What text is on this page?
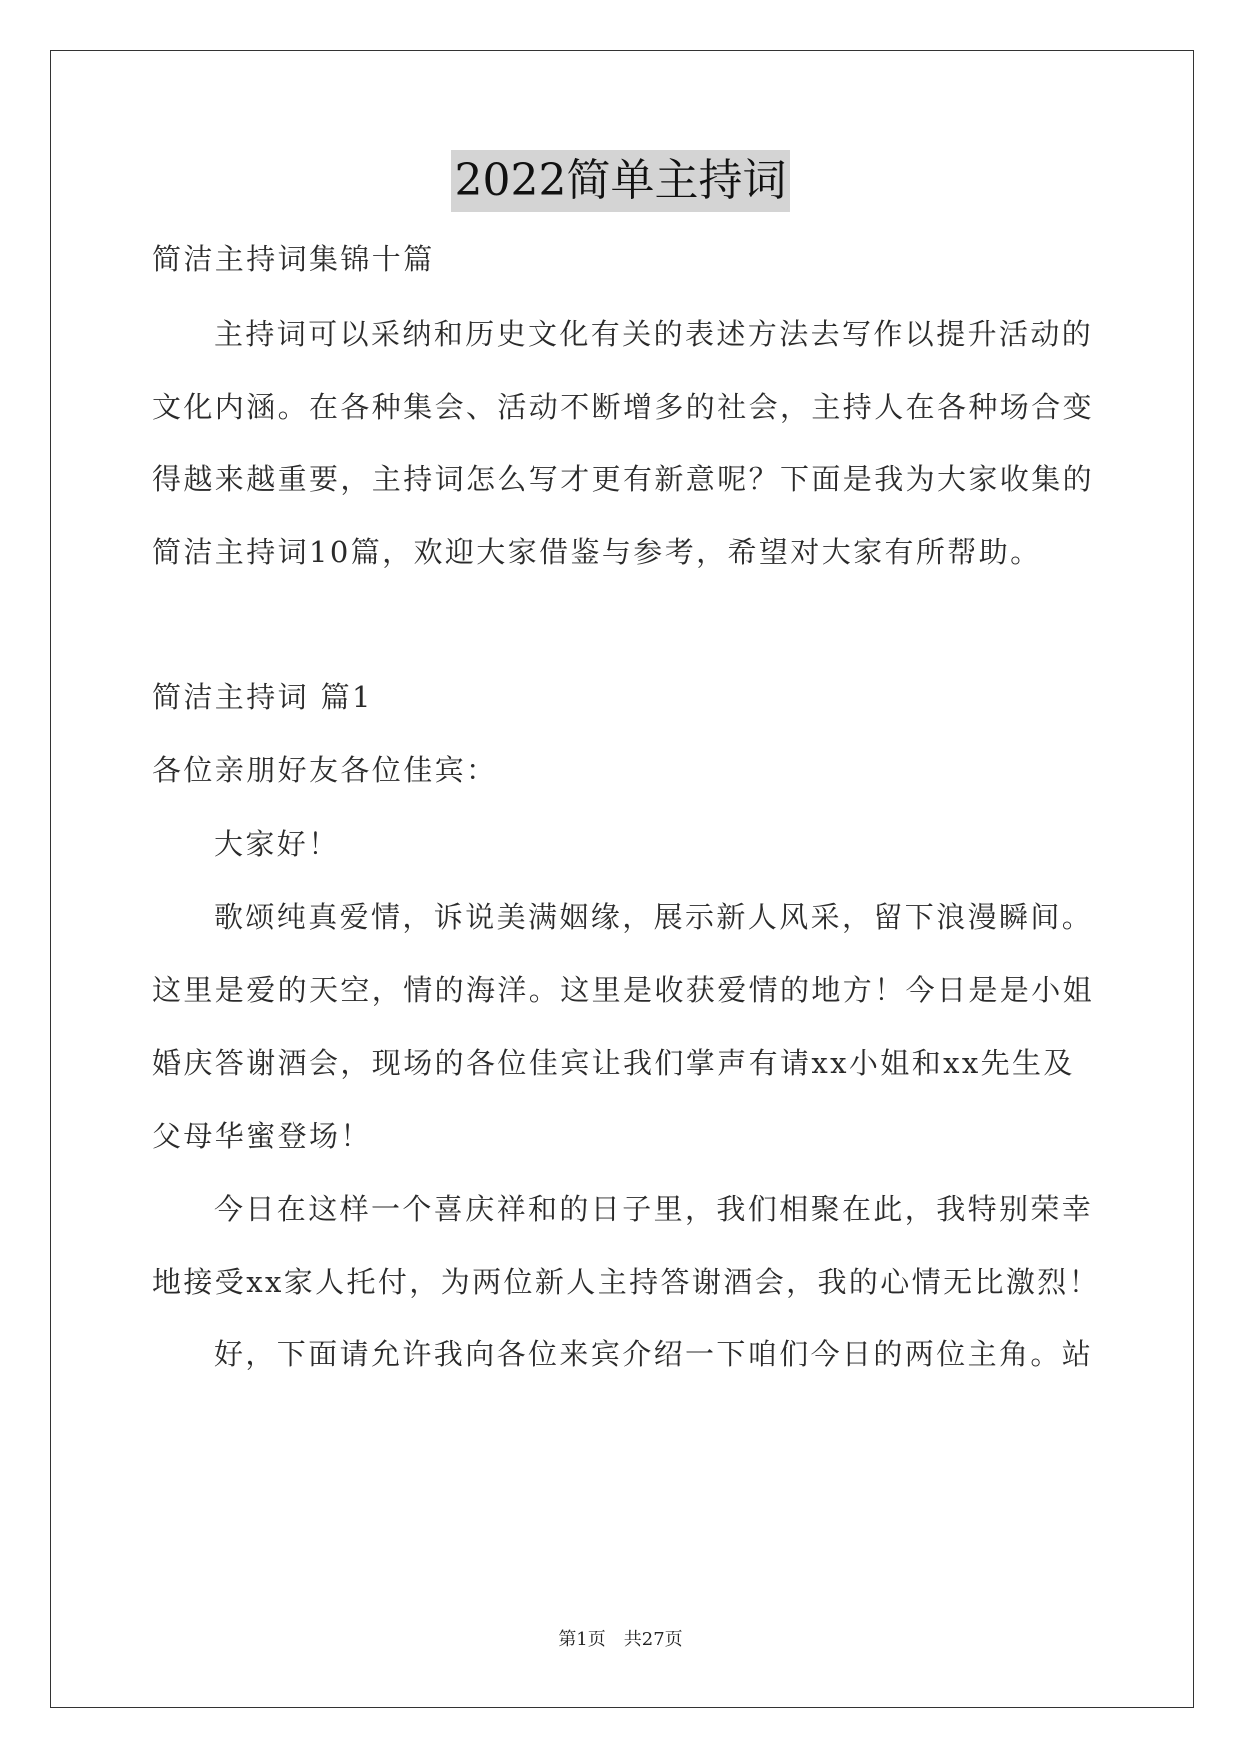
2022简单主持词
简洁主持词集锦十篇
主持词可以采纳和历史文化有关的表述方法去写作以提升活动的
文化内涵。在各种集会、活动不断增多的社会，主持人在各种场合变
得越来越重要，主持词怎么写才更有新意呢？下面是我为大家收集的
简洁主持词10篇，欢迎大家借鉴与参考，希望对大家有所帮助。
简洁主持词 篇1
各位亲朋好友各位佳宾：
大家好！
歌颂纯真爱情，诉说美满姻缘，展示新人风采，留下浪漫瞬间。
这里是爱的天空，情的海洋。这里是收获爱情的地方！今日是是小姐
婚庆答谢酒会，现场的各位佳宾让我们掌声有请xx小姐和xx先生及
父母华蜜登场！
今日在这样一个喜庆祥和的日子里，我们相聚在此，我特别荣幸
地接受xx家人托付，为两位新人主持答谢酒会，我的心情无比激烈！
好，下面请允许我向各位来宾介绍一下咱们今日的两位主角。站
第1页　共27页
